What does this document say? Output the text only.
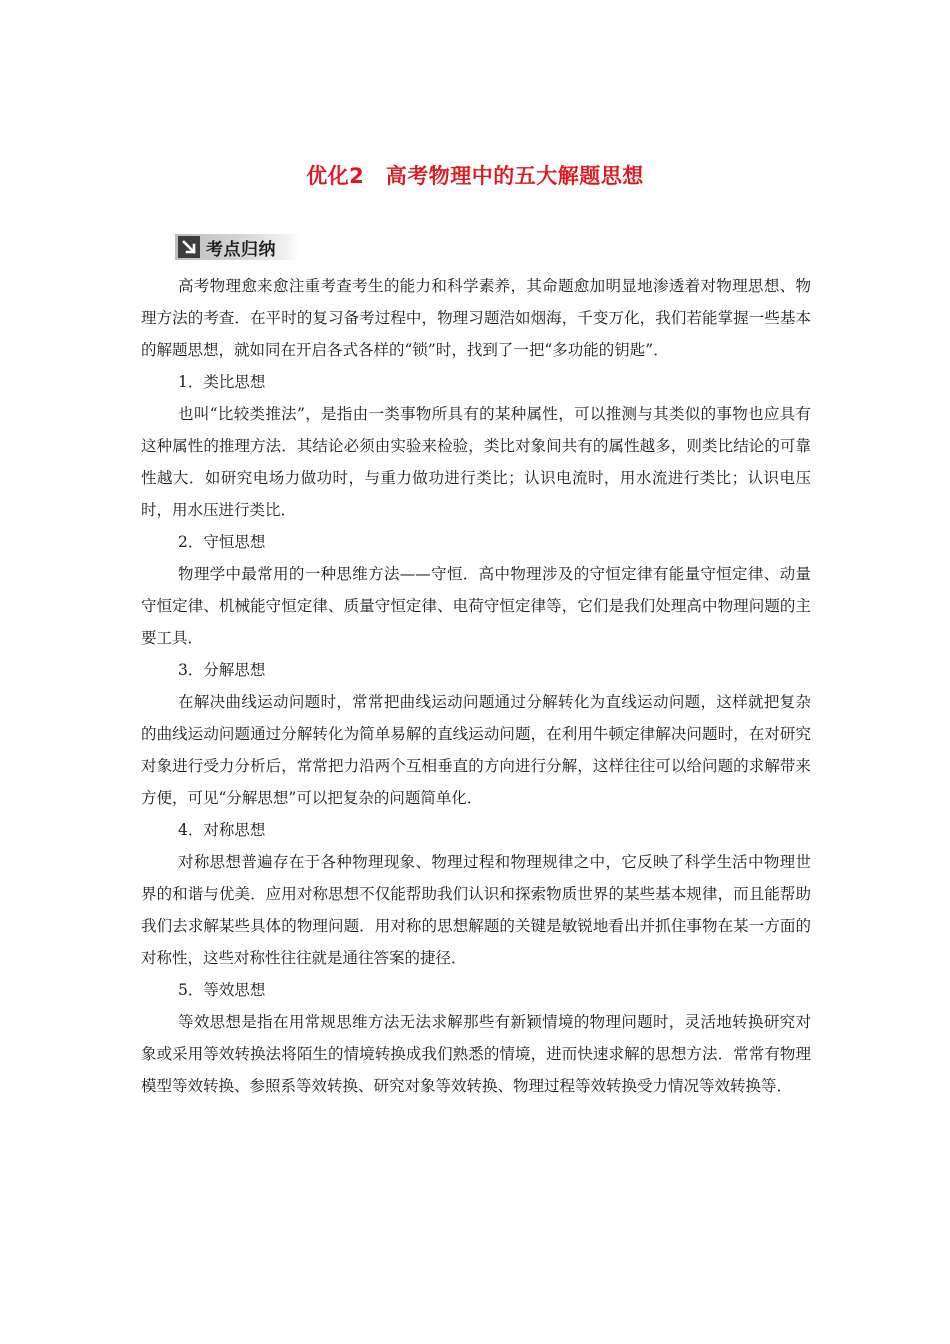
优化2　高考物理中的五大解题思想
考点归纳

高考物理愈来愈注重考查考生的能力和科学素养，其命题愈加明显地渗透着对物理思想、物理方法的考查．在平时的复习备考过程中，物理习题浩如烟海，千变万化，我们若能掌握一些基本的解题思想，就如同在开启各式各样的“锁”时，找到了一把“多功能的钥匙”．

1．类比思想

也叫“比较类推法”，是指由一类事物所具有的某种属性，可以推测与其类似的事物也应具有这种属性的推理方法．其结论必须由实验来检验，类比对象间共有的属性越多，则类比结论的可靠性越大．如研究电场力做功时，与重力做功进行类比；认识电流时，用水流进行类比；认识电压时，用水压进行类比．

2．守恒思想

物理学中最常用的一种思维方法——守恒．高中物理涉及的守恒定律有能量守恒定律、动量守恒定律、机械能守恒定律、质量守恒定律、电荷守恒定律等，它们是我们处理高中物理问题的主要工具．

3．分解思想

在解决曲线运动问题时，常常把曲线运动问题通过分解转化为直线运动问题，这样就把复杂的曲线运动问题通过分解转化为简单易解的直线运动问题，在利用牛顿定律解决问题时，在对研究对象进行受力分析后，常常把力沿两个互相垂直的方向进行分解，这样往往可以给问题的求解带来方便，可见“分解思想”可以把复杂的问题简单化．

4．对称思想

对称思想普遍存在于各种物理现象、物理过程和物理规律之中，它反映了科学生活中物理世界的和谐与优美．应用对称思想不仅能帮助我们认识和探索物质世界的某些基本规律，而且能帮助我们去求解某些具体的物理问题．用对称的思想解题的关键是敏锐地看出并抓住事物在某一方面的对称性，这些对称性往往就是通往答案的捷径．

5．等效思想

等效思想是指在用常规思维方法无法求解那些有新颖情境的物理问题时，灵活地转换研究对象或采用等效转换法将陌生的情境转换成我们熟悉的情境，进而快速求解的思想方法．常常有物理模型等效转换、参照系等效转换、研究对象等效转换、物理过程等效转换受力情况等效转换等．
